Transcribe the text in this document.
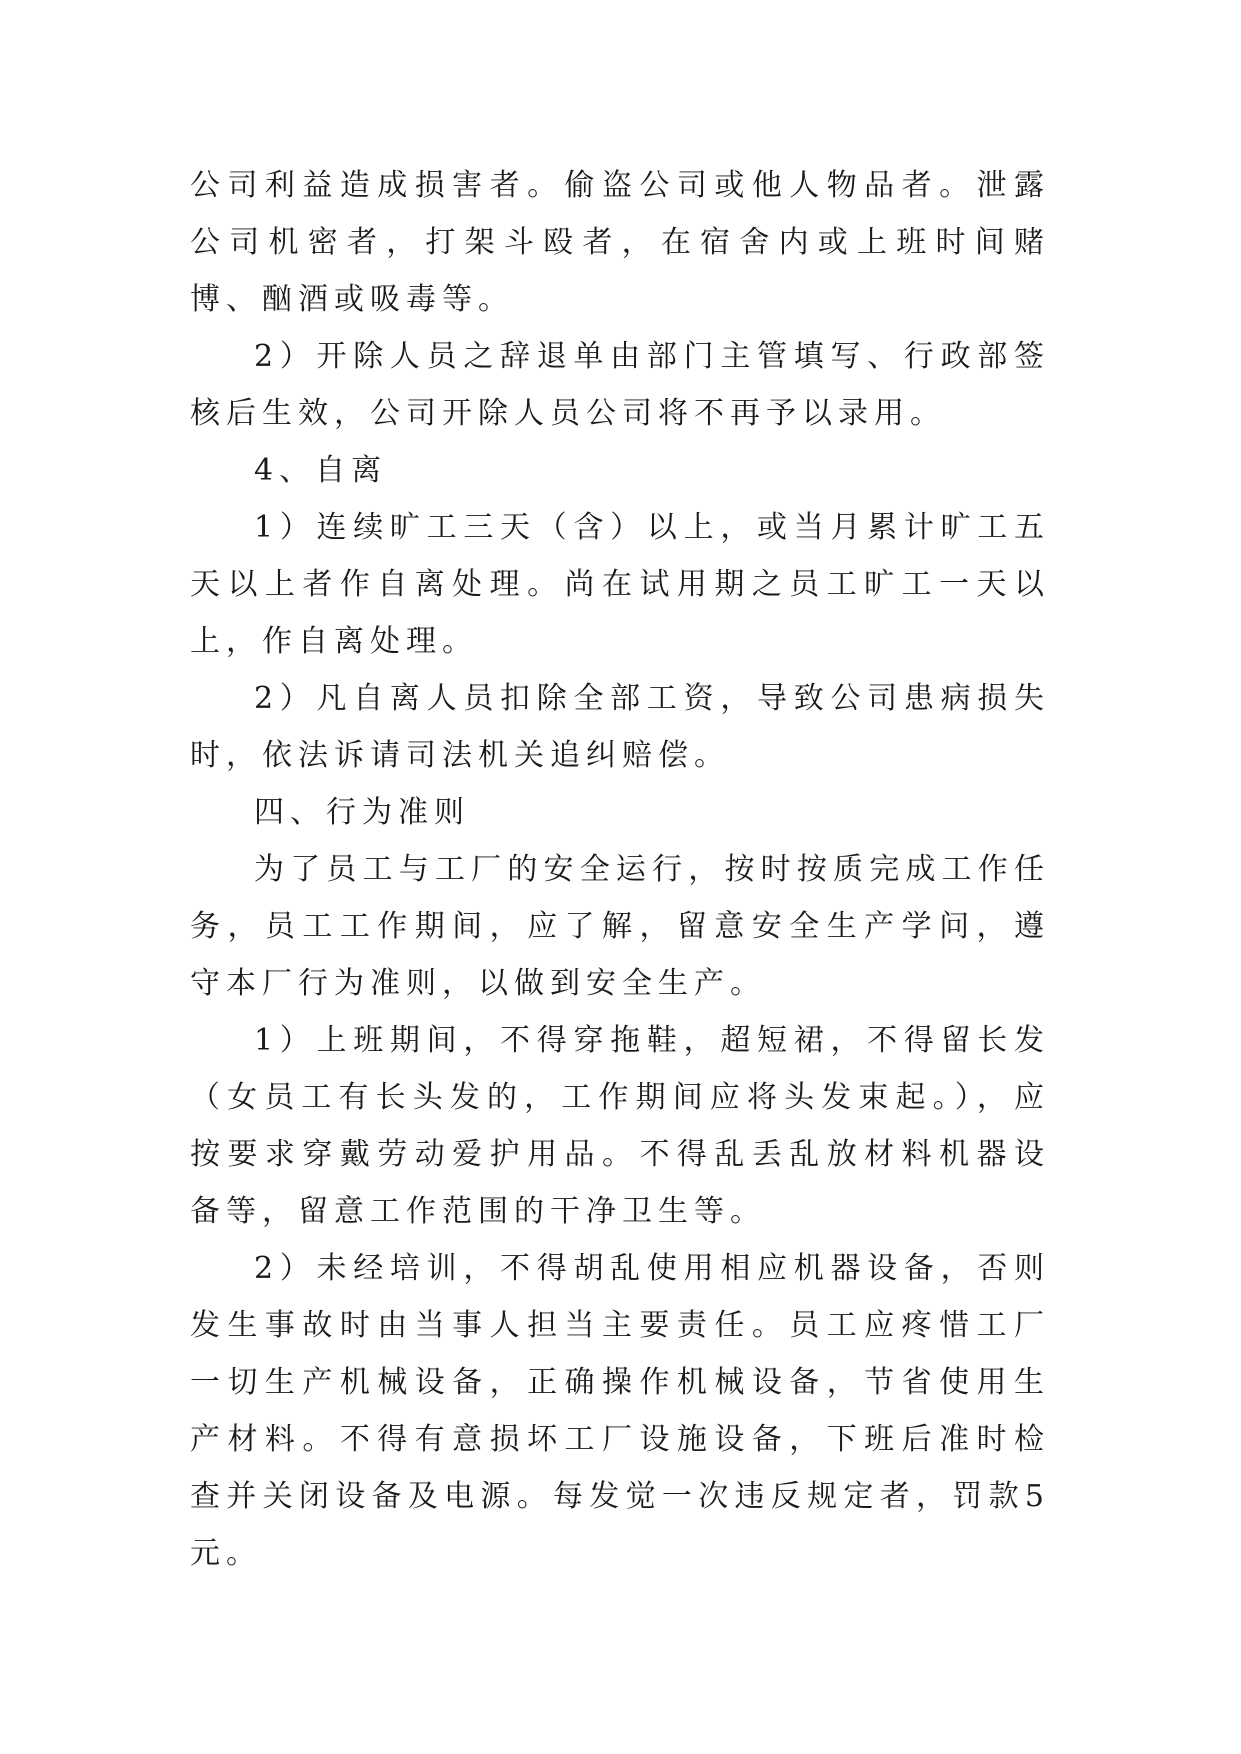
公司利益造成损害者。偷盗公司或他人物品者。泄露公司机密者，打架斗殴者，在宿舍内或上班时间赌博、酗酒或吸毒等。

2）开除人员之辞退单由部门主管填写、行政部签核后生效，公司开除人员公司将不再予以录用。

4、自离

1）连续旷工三天（含）以上，或当月累计旷工五天以上者作自离处理。尚在试用期之员工旷工一天以上，作自离处理。

2）凡自离人员扣除全部工资，导致公司患病损失时，依法诉请司法机关追纠赔偿。

四、行为准则

为了员工与工厂的安全运行，按时按质完成工作任务，员工工作期间，应了解，留意安全生产学问，遵守本厂行为准则，以做到安全生产。

1）上班期间，不得穿拖鞋，超短裙，不得留长发（女员工有长头发的，工作期间应将头发束起。），应按要求穿戴劳动爱护用品。不得乱丢乱放材料机器设备等，留意工作范围的干净卫生等。

2）未经培训，不得胡乱使用相应机器设备，否则发生事故时由当事人担当主要责任。员工应疼惜工厂一切生产机械设备，正确操作机械设备，节省使用生产材料。不得有意损坏工厂设施设备，下班后准时检查并关闭设备及电源。每发觉一次违反规定者，罚款5元。
